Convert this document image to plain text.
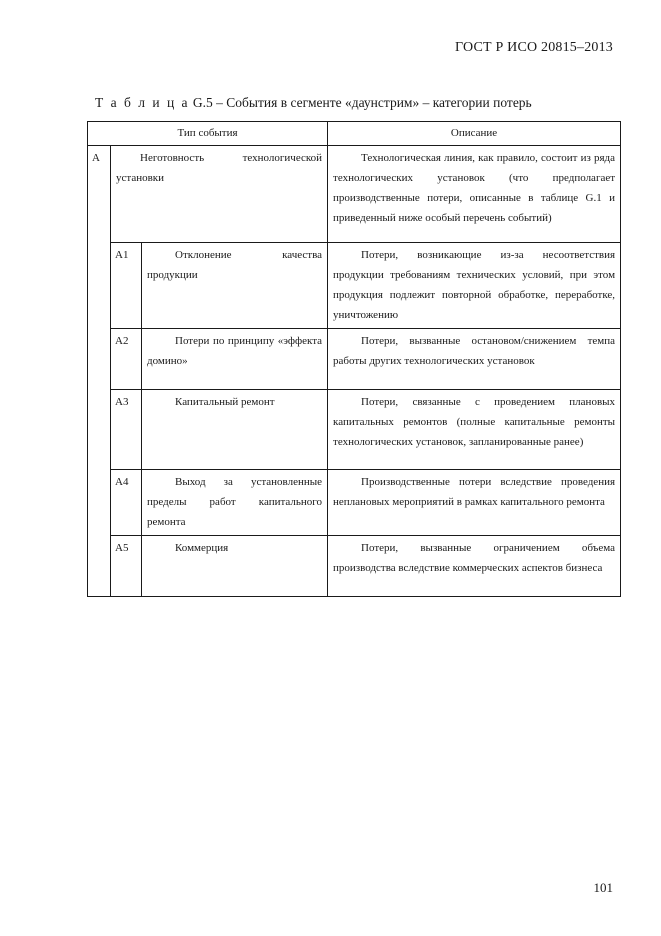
ГОСТ Р ИСО 20815–2013
Т а б л и ц а G.5 – События в сегменте «даунстрим» – категории потерь
Тип события			Описание
А	Неготовность технологической установки		Технологическая линия, как правило, состоит из ряда технологических установок (что предполагает производственные потери, описанные в таблице G.1 и приведенный ниже особый перечень событий)
	А1	Отклонение качества продукции	Потери, возникающие из-за несоответствия продукции требованиям технических условий, при этом продукция подлежит повторной обработке, переработке, уничтожению
	А2	Потери по принципу «эффекта домино»	Потери, вызванные остановом/снижением темпа работы других технологических установок
	А3	Капитальный ремонт	Потери, связанные с проведением плановых капитальных ремонтов (полные капитальные ремонты технологических установок, запланированные ранее)
	А4	Выход за установленные пределы работ капитального ремонта	Производственные потери вследствие проведения неплановых мероприятий в рамках капитального ремонта
	А5	Коммерция	Потери, вызванные ограничением объема производства вследствие коммерческих аспектов бизнеса
101
